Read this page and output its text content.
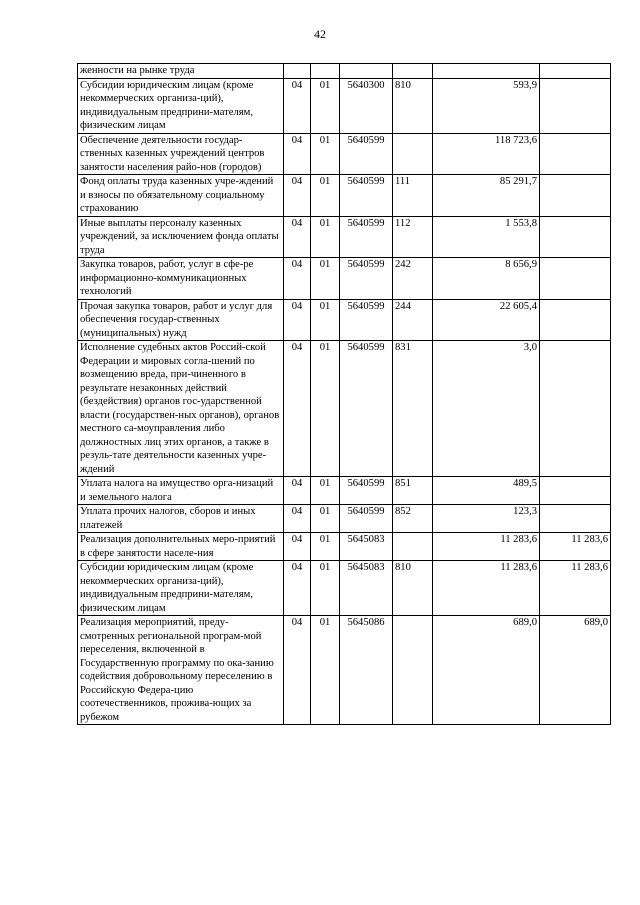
42
женности на рынке труда						
Субсидии юридическим лицам (кроме некоммерческих организа-ций), индивидуальным предприни-мателям, физическим лицам	04	01	5640300	810	593,9	
Обеспечение деятельности государ-ственных казенных учреждений центров занятости населения райо-нов (городов)	04	01	5640599		118 723,6	
Фонд оплаты труда казенных учре-ждений и взносы по обязательному социальному страхованию	04	01	5640599	111	85 291,7	
Иные выплаты персоналу казенных учреждений, за исключением фонда оплаты труда	04	01	5640599	112	1 553,8	
Закупка товаров, работ, услуг в сфе-ре информационно-коммуникационных технологий	04	01	5640599	242	8 656,9	
Прочая закупка товаров, работ и услуг для обеспечения государ-ственных (муниципальных) нужд	04	01	5640599	244	22 605,4	
Исполнение судебных актов Россий-ской Федерации и мировых согла-шений по возмещению вреда, при-чиненного в результате незаконных действий (бездействия) органов гос-ударственной власти (государствен-ных органов), органов местного са-моуправления либо должностных лиц этих органов, а также в резуль-тате деятельности казенных учре-ждений	04	01	5640599	831	3,0	
Уплата налога на имущество орга-низаций и земельного налога	04	01	5640599	851	489,5	
Уплата прочих налогов, сборов и иных платежей	04	01	5640599	852	123,3	
Реализация дополнительных меро-приятий в сфере занятости населе-ния	04	01	5645083		11 283,6	11 283,6
Субсидии юридическим лицам (кроме некоммерческих организа-ций), индивидуальным предприни-мателям, физическим лицам	04	01	5645083	810	11 283,6	11 283,6
Реализация мероприятий, преду-смотренных региональной програм-мой переселения, включенной в Государственную программу по ока-занию содействия добровольному переселению в Российскую Федера-цию соотечественников, прожива-ющих за рубежом	04	01	5645086		689,0	689,0
